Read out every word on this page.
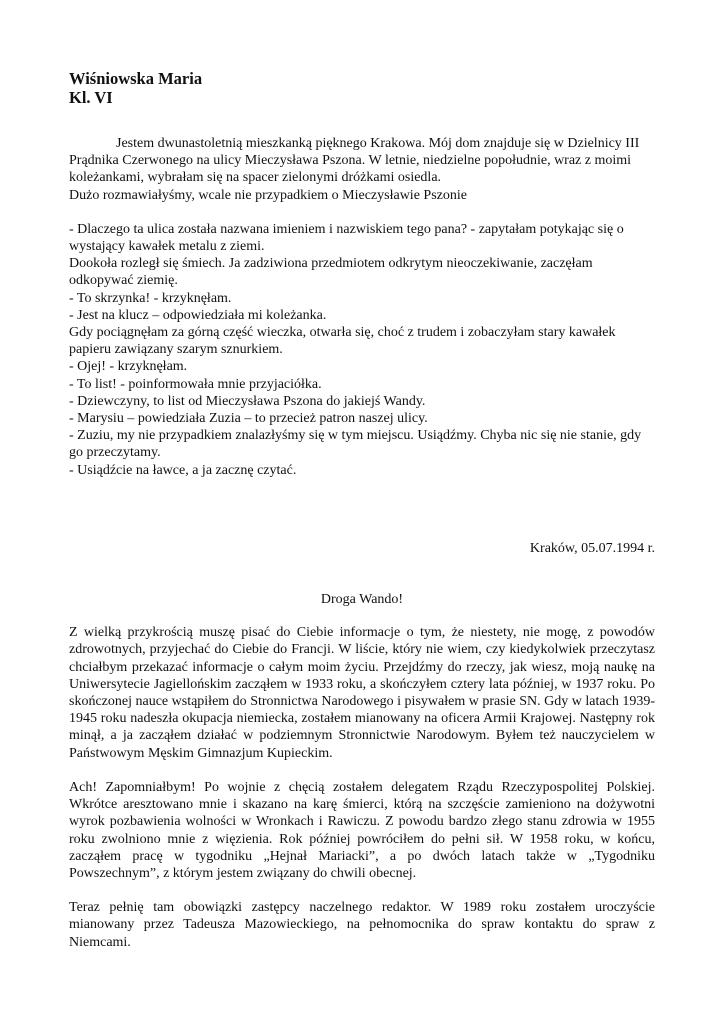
Wiśniowska Maria
Kl. VI

Jestem dwunastoletnią mieszkanką pięknego Krakowa. Mój dom znajduje się w Dzielnicy III Prądnika Czerwonego na ulicy Mieczysława Pszona. W letnie, niedzielne popołudnie, wraz z moimi koleżankami, wybrałam się na spacer zielonymi dróżkami osiedla.

Dużo rozmawiałyśmy, wcale nie przypadkiem o Mieczysławie Pszonie

- Dlaczego ta ulica została nazwana imieniem i nazwiskiem tego pana? - zapytałam potykając się o wystający kawałek metalu z ziemi.

Dookoła rozległ się śmiech. Ja zadziwiona przedmiotem odkrytym nieoczekiwanie, zaczęłam odkopywać ziemię.

- To skrzynka! - krzyknęłam.

- Jest na klucz – odpowiedziała mi koleżanka.

Gdy pociągnęłam za górną część wieczka, otwarła się, choć z trudem i zobaczyłam stary kawałek papieru zawiązany szarym sznurkiem.

- Ojej! - krzyknęłam.

- To list! - poinformowała mnie przyjaciółka.

- Dziewczyny, to list od Mieczysława Pszona do jakiejś Wandy.

- Marysiu – powiedziała Zuzia – to przecież patron naszej ulicy.

- Zuziu, my nie przypadkiem znalazłyśmy się w tym miejscu. Usiądźmy. Chyba nic się nie stanie, gdy go przeczytamy.

- Usiądźcie na ławce, a ja zacznę czytać.

Kraków, 05.07.1994 r.
Droga Wando!

Z wielką przykrością muszę pisać do Ciebie informacje o tym, że niestety, nie mogę, z powodów zdrowotnych, przyjechać do Ciebie do Francji. W liście, który nie wiem, czy kiedykolwiek przeczytasz chciałbym przekazać informacje o całym moim życiu. Przejdźmy do rzeczy, jak wiesz, moją naukę na Uniwersytecie Jagiellońskim zacząłem w 1933 roku, a skończyłem cztery lata później, w 1937 roku. Po skończonej nauce wstąpiłem do Stronnictwa Narodowego i pisywałem w prasie SN. Gdy w latach 1939-1945 roku nadeszła okupacja niemiecka, zostałem mianowany na oficera Armii Krajowej. Następny rok minął, a ja zacząłem działać w podziemnym Stronnictwie Narodowym. Byłem też nauczycielem w Państwowym Męskim Gimnazjum Kupieckim.

Ach! Zapomniałbym! Po wojnie z chęcią zostałem delegatem Rządu Rzeczypospolitej Polskiej. Wkrótce aresztowano mnie i skazano na karę śmierci, którą na szczęście zamieniono na dożywotni wyrok pozbawienia wolności w Wronkach i Rawiczu. Z powodu bardzo złego stanu zdrowia w 1955 roku zwolniono mnie z więzienia. Rok później powróciłem do pełni sił. W 1958 roku, w końcu, zacząłem pracę w tygodniku „Hejnał Mariacki”, a po dwóch latach także w „Tygodniku Powszechnym”, z którym jestem związany do chwili obecnej.

Teraz pełnię tam obowiązki zastępcy naczelnego redaktor. W 1989 roku zostałem uroczyście mianowany przez Tadeusza Mazowieckiego, na pełnomocnika do spraw kontaktu do spraw z Niemcami.
